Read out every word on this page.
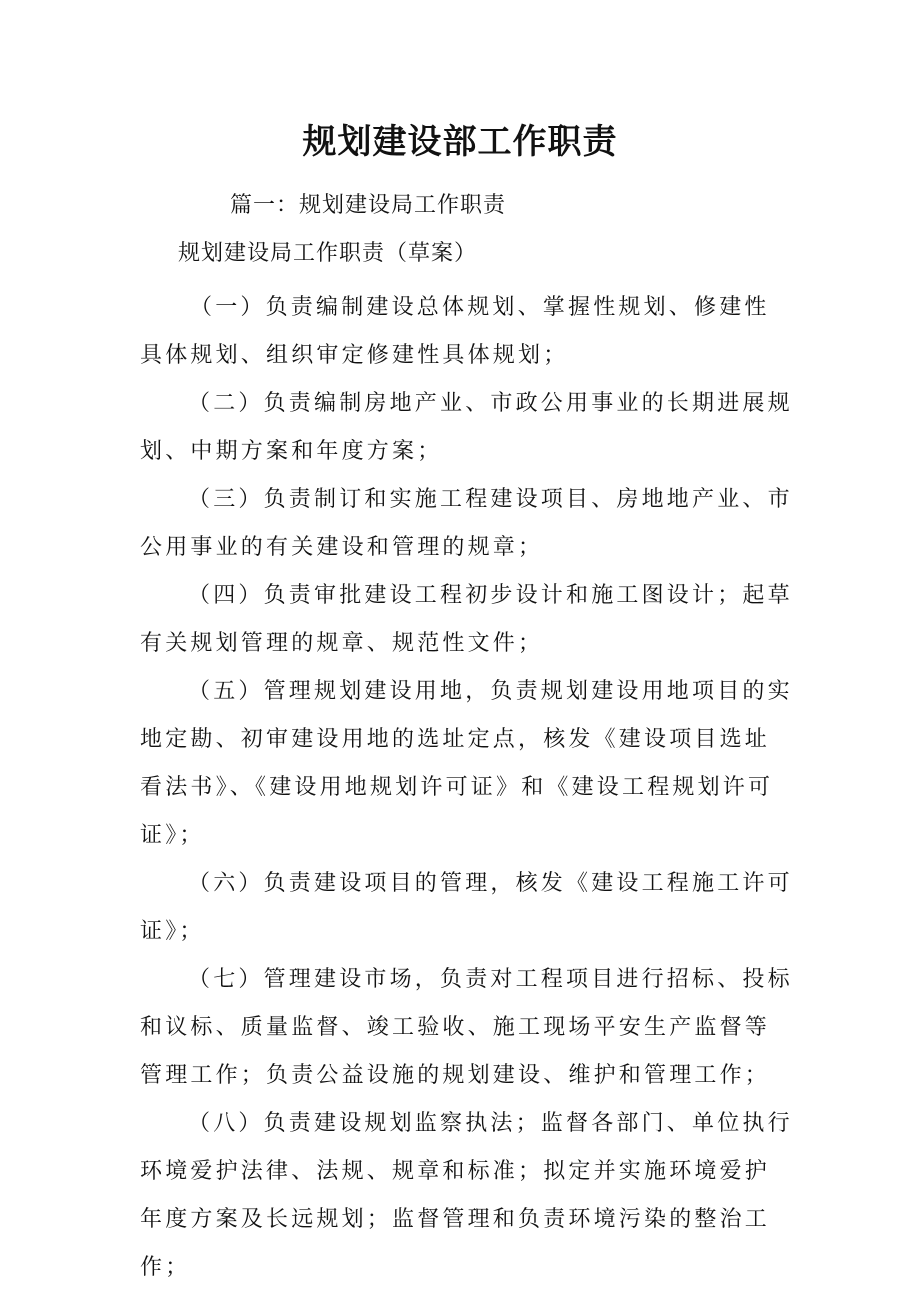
规划建设部工作职责
篇一：规划建设局工作职责
规划建设局工作职责（草案）

（一）负责编制建设总体规划、掌握性规划、修建性具体规划、组织审定修建性具体规划；

（二）负责编制房地产业、市政公用事业的长期进展规划、中期方案和年度方案；

（三）负责制订和实施工程建设项目、房地地产业、市公用事业的有关建设和管理的规章；

（四）负责审批建设工程初步设计和施工图设计；起草有关规划管理的规章、规范性文件；

（五）管理规划建设用地，负责规划建设用地项目的实地定勘、初审建设用地的选址定点，核发《建设项目选址看法书》、《建设用地规划许可证》和《建设工程规划许可证》；

（六）负责建设项目的管理，核发《建设工程施工许可证》；

（七）管理建设市场，负责对工程项目进行招标、投标和议标、质量监督、竣工验收、施工现场平安生产监督等管理工作；负责公益设施的规划建设、维护和管理工作；

（八）负责建设规划监察执法；监督各部门、单位执行环境爱护法律、法规、规章和标准；拟定并实施环境爱护年度方案及长远规划；监督管理和负责环境污染的整治工作；
